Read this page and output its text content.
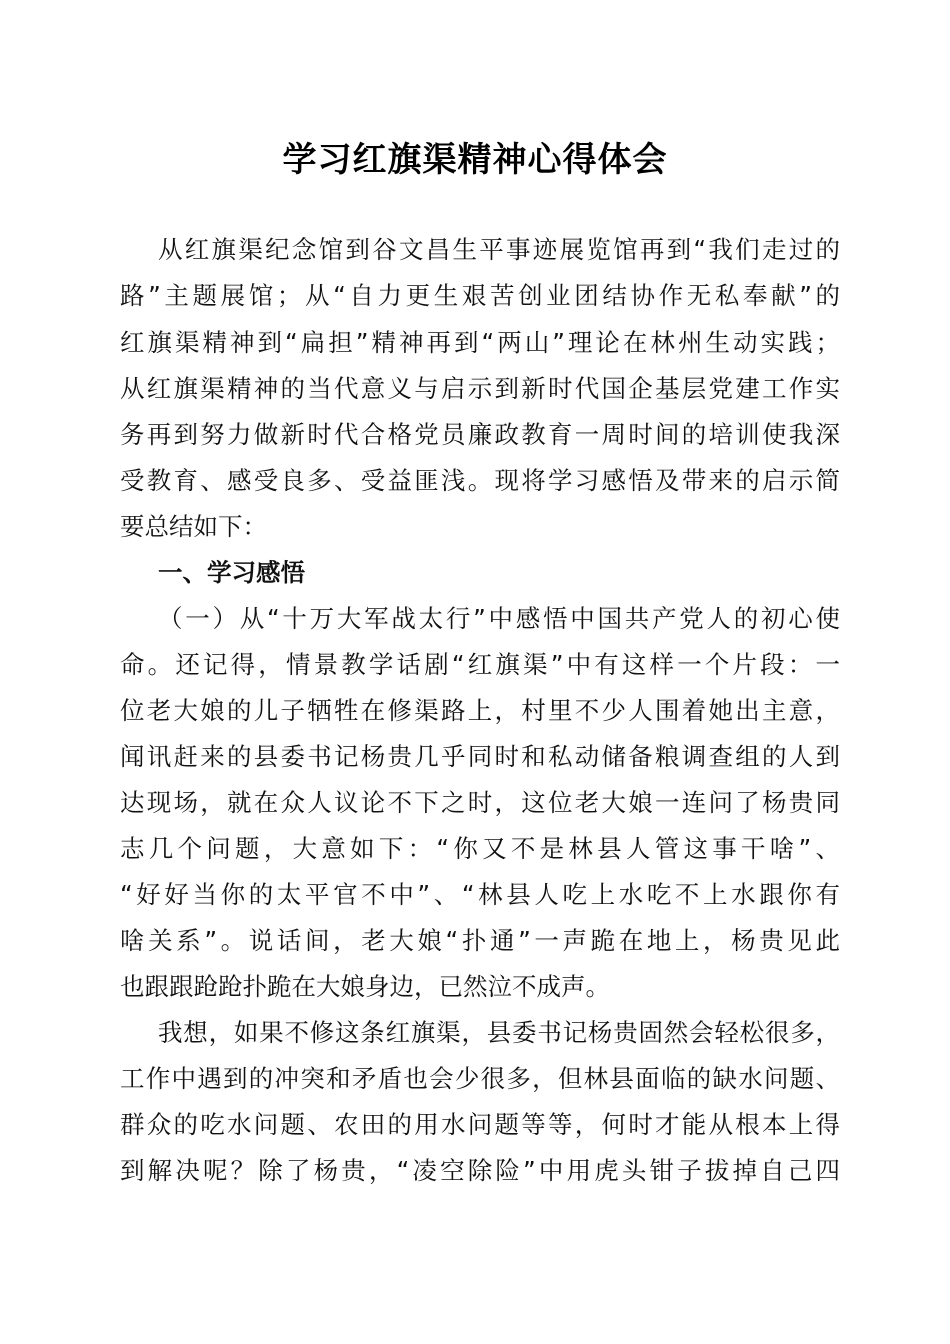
学习红旗渠精神心得体会

从红旗渠纪念馆到谷文昌生平事迹展览馆再到“我们走过的

路”主题展馆；从“自力更生艰苦创业团结协作无私奉献”的

红旗渠精神到“扁担”精神再到“两山”理论在林州生动实践；

从红旗渠精神的当代意义与启示到新时代国企基层党建工作实

务再到努力做新时代合格党员廉政教育一周时间的培训使我深

受教育、感受良多、受益匪浅。现将学习感悟及带来的启示简

要总结如下：

一、学习感悟

（一）从“十万大军战太行”中感悟中国共产党人的初心使

命。还记得，情景教学话剧“红旗渠”中有这样一个片段：一

位老大娘的儿子牺牲在修渠路上，村里不少人围着她出主意，

闻讯赶来的县委书记杨贵几乎同时和私动储备粮调查组的人到

达现场，就在众人议论不下之时，这位老大娘一连问了杨贵同

志几个问题，大意如下：“你又不是林县人管这事干啥”、

“好好当你的太平官不中”、“林县人吃上水吃不上水跟你有

啥关系”。说话间，老大娘“扑通”一声跪在地上，杨贵见此

也跟跟跄跄扑跪在大娘身边，已然泣不成声。

我想，如果不修这条红旗渠，县委书记杨贵固然会轻松很多，

工作中遇到的冲突和矛盾也会少很多，但林县面临的缺水问题、

群众的吃水问题、农田的用水问题等等，何时才能从根本上得

到解决呢？除了杨贵，“凌空除险”中用虎头钳子拔掉自己四
